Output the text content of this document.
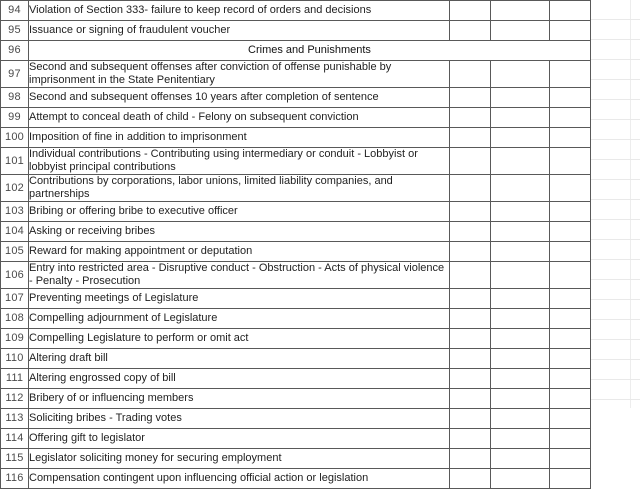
94	Violation of Section 333- failure to keep record of orders and decisions			
95	Issuance or signing of fraudulent voucher			
96	Crimes and Punishments			
97	Second and subsequent offenses after conviction of offense punishable by imprisonment in the State Penitentiary			
98	Second and subsequent offenses 10 years after completion of sentence			
99	Attempt to conceal death of child - Felony on subsequent conviction			
100	Imposition of fine in addition to imprisonment			
101	Individual contributions - Contributing using intermediary or conduit - Lobbyist or lobbyist principal contributions			
102	Contributions by corporations, labor unions, limited liability companies, and partnerships			
103	Bribing or offering bribe to executive officer			
104	Asking or receiving bribes			
105	Reward for making appointment or deputation			
106	Entry into restricted area - Disruptive conduct - Obstruction - Acts of physical violence - Penalty - Prosecution			
107	Preventing meetings of Legislature			
108	Compelling adjournment of Legislature			
109	Compelling Legislature to perform or omit act			
110	Altering draft bill			
111	Altering engrossed copy of bill			
112	Bribery of or influencing members			
113	Soliciting bribes - Trading votes			
114	Offering gift to legislator			
115	Legislator soliciting money for securing employment			
116	Compensation contingent upon influencing official action or legislation			
